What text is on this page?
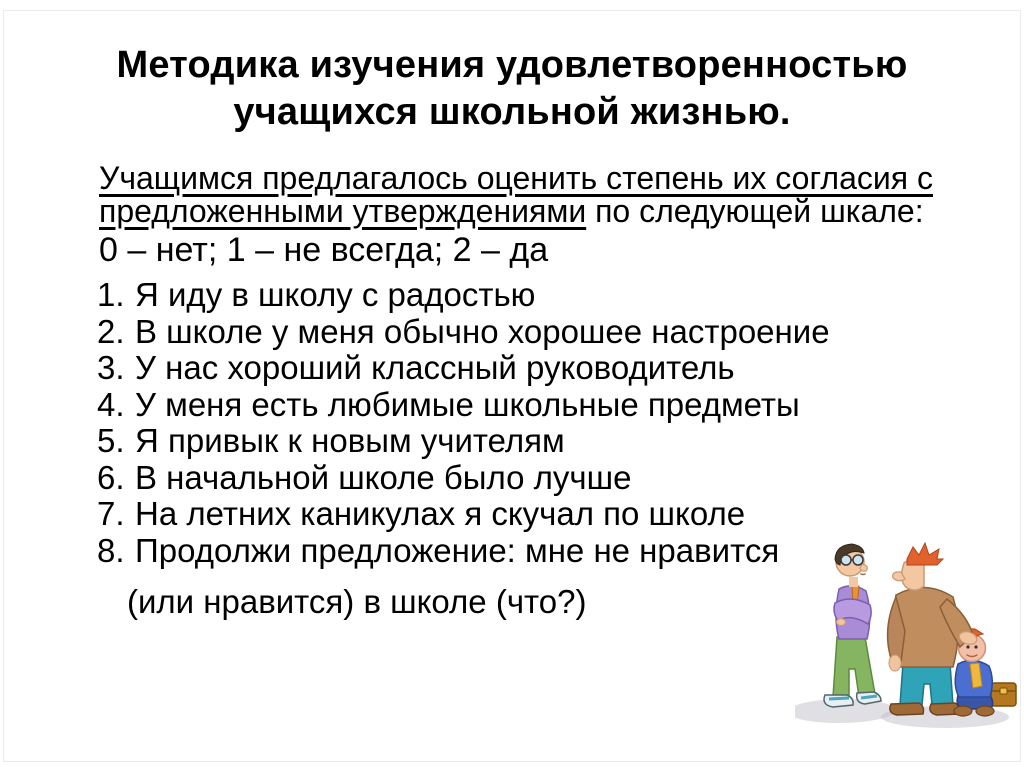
Методика изучения удовлетворенностью
учащихся школьной жизнью.
Учащимся предлагалось оценить степень их согласия с
предложенными утверждениями по следующей шкале:
0 – нет; 1 – не всегда; 2 – да
1. Я иду в школу с радостью
2. В школе у меня обычно хорошее настроение
3. У нас хороший классный руководитель
4. У меня есть любимые школьные предметы
5. Я привык к новым учителям
6. В начальной школе было лучше
7. На летних каникулах я скучал по школе
8. Продолжи предложение: мне не нравится
(или нравится) в школе (что?)
